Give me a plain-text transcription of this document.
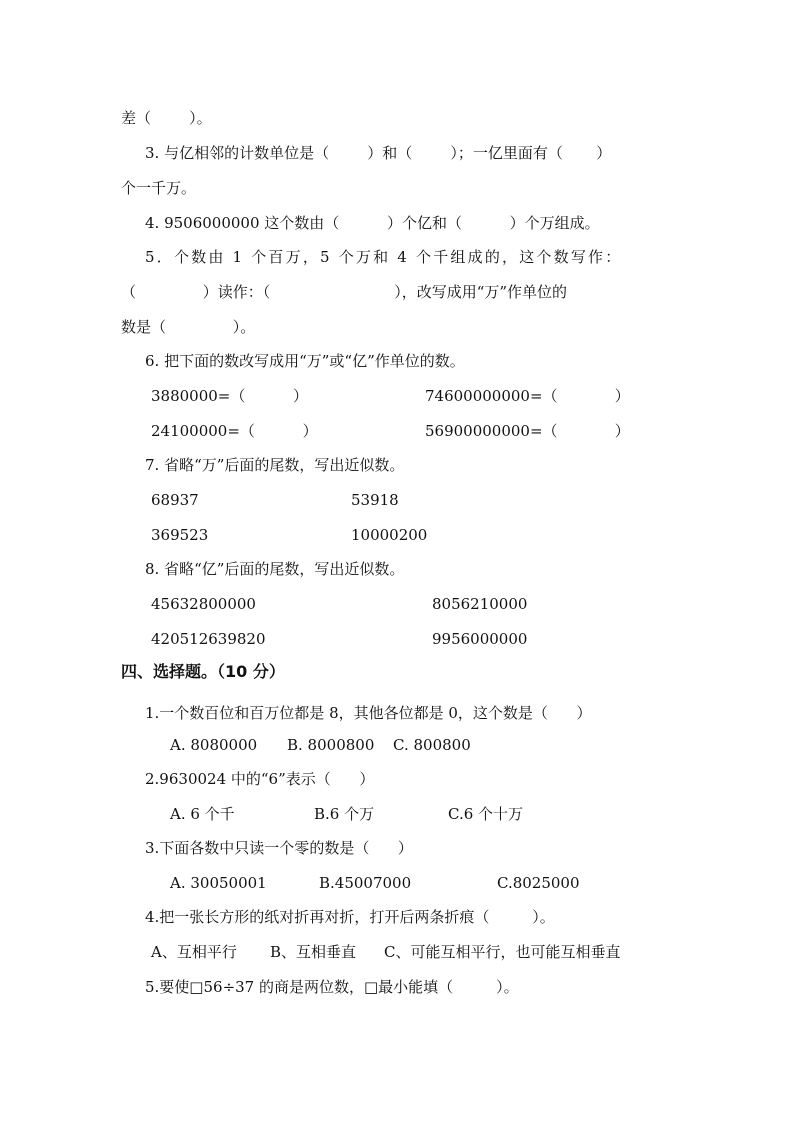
差（        ）。
3. 与亿相邻的计数单位是（        ）和（        ）；一亿里面有（       ）
个一千万。
4. 9506000000 这个数由（          ）个亿和（          ）个万组成。
5．个数由 1 个百万，5 个万和 4 个千组成的，这个数写作：
（              ）读作：（                          ），改写成用“万”作单位的
数是（              ）。
6. 把下面的数改写成用“万”或“亿”作单位的数。
3880000=（          ）	74600000000=（            ）
24100000=（          ）	56900000000=（            ）
7. 省略“万”后面的尾数，写出近似数。
68937	53918
369523	10000200
8. 省略“亿”后面的尾数，写出近似数。
45632800000	8056210000
420512639820	9956000000
四、选择题。（10 分）
1.一个数百位和百万位都是 8，其他各位都是 0，这个数是（      ）
A. 8080000 B. 8000800 C. 800800
2.9630024 中的“6”表示（      ）
A. 6 个千	B.6 个万	C.6 个十万
3.下面各数中只读一个零的数是（      ）
A. 30050001	B.45007000	C.8025000
4.把一张长方形的纸对折再对折，打开后两条折痕（         ）。
A、互相平行 B、互相垂直 C、可能互相平行，也可能互相垂直
5.要使□56÷37 的商是两位数，□最小能填（         ）。
